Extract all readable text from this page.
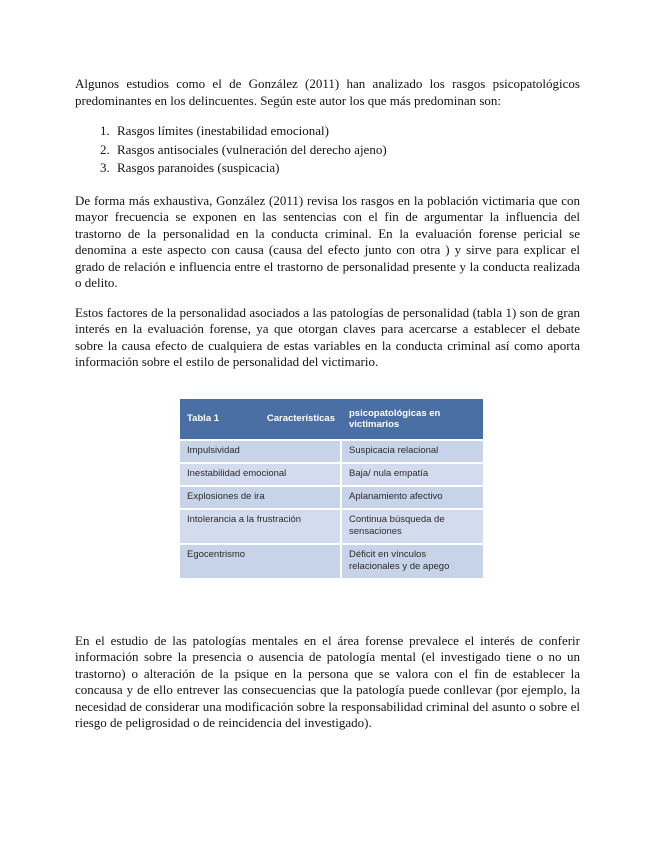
Algunos estudios como el de González (2011) han analizado los rasgos psicopatológicos predominantes en los delincuentes. Según este autor los que más predominan son:

1. Rasgos límites (inestabilidad emocional)
2. Rasgos antisociales (vulneración del derecho ajeno)
3. Rasgos paranoides (suspicacia)

De forma más exhaustiva, González (2011) revisa los rasgos en la población victimaria que con mayor frecuencia se exponen en las sentencias con el fin de argumentar la influencia del trastorno de la personalidad en la conducta criminal. En la evaluación forense pericial se denomina a este aspecto con causa (causa del efecto junto con otra ) y sirve para explicar el grado de relación e influencia entre el trastorno de personalidad presente y la conducta realizada o delito.

Estos factores de la personalidad asociados a las patologías de personalidad (tabla 1) son de gran interés en la evaluación forense, ya que otorgan claves para acercarse a establecer el debate sobre la causa efecto de cualquiera de estas variables en la conducta criminal así como aporta información sobre el estilo de personalidad del victimario.

Tabla 1 Características	psicopatológicas en victimarios
Impulsividad	Suspicacia relacional
Inestabilidad emocional	Baja/ nula empatía
Explosiones de ira	Aplanamiento afectivo
Intolerancia a la frustración	Continua búsqueda de sensaciones
Egocentrismo	Déficit en vínculos relacionales y de apego

En el estudio de las patologías mentales en el área forense prevalece el interés de conferir información sobre la presencia o ausencia de patología mental (el investigado tiene o no un trastorno) o alteración de la psique en la persona que se valora con el fin de establecer la concausa y de ello entrever las consecuencias que la patología puede conllevar (por ejemplo, la necesidad de considerar una modificación sobre la responsabilidad criminal del asunto o sobre el riesgo de peligrosidad o de reincidencia del investigado).
